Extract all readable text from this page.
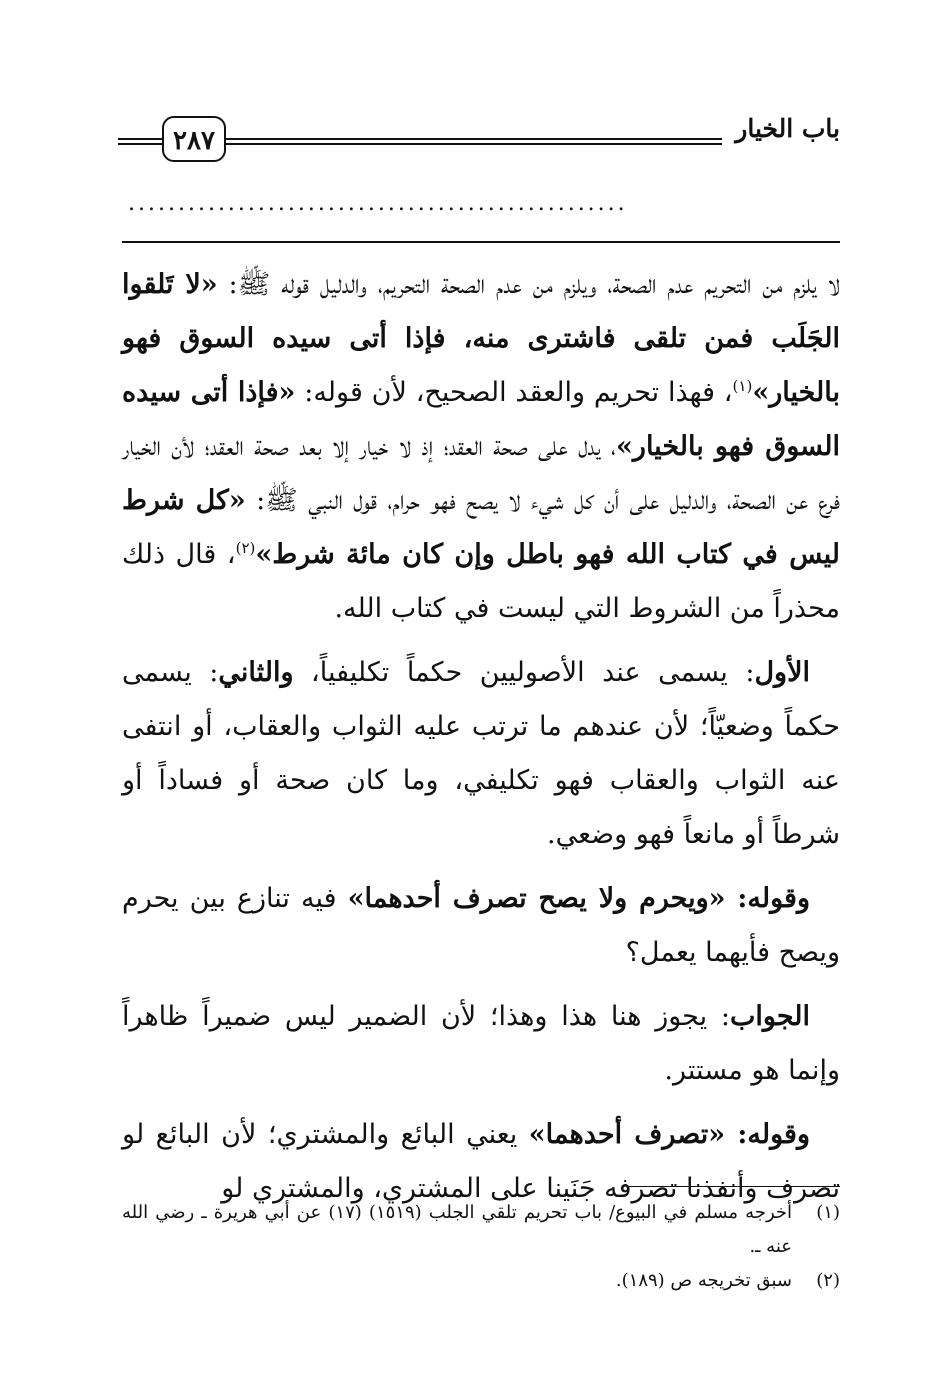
باب الخيار
٢٨٧
..................................................

لا يلزم من التحريم عدم الصحة، ويلزم من عدم الصحة التحريم، والدليل قوله ﷺ: «لا تَلقوا الجَلَب فمن تلقى فاشترى منه، فإذا أتى سيده السوق فهو بالخيار»$^{(١)}$، فهذا تحريم والعقد الصحيح، لأن قوله: «فإذا أتى سيده السوق فهو بالخيار»، يدل على صحة العقد؛ إذ لا خيار إلا بعد صحة العقد؛ لأن الخيار فرع عن الصحة، والدليل على أن كل شيء لا يصح فهو حرام، قول النبي ﷺ: «كل شرط ليس في كتاب الله فهو باطل وإن كان مائة شرط»$^{(٢)}$، قال ذلك محذراً من الشروط التي ليست في كتاب الله.

الأول: يسمى عند الأصوليين حكماً تكليفياً، والثاني: يسمى حكماً وضعيّاً؛ لأن عندهم ما ترتب عليه الثواب والعقاب، أو انتفى عنه الثواب والعقاب فهو تكليفي، وما كان صحة أو فساداً أو شرطاً أو مانعاً فهو وضعي.

وقوله: «ويحرم ولا يصح تصرف أحدهما» فيه تنازع بين يحرم ويصح فأيهما يعمل؟

الجواب: يجوز هنا هذا وهذا؛ لأن الضمير ليس ضميراً ظاهراً وإنما هو مستتر.

وقوله: «تصرف أحدهما» يعني البائع والمشتري؛ لأن البائع لو تصرف وأنفذنا تصرفه جَنَينا على المشتري، والمشتري لو

(١)
أخرجه مسلم في البيوع/ باب تحريم تلقي الجلب (١٥١٩) (١٧) عن أبي هريرة ـ رضي الله عنه ـ.
(٢)
سبق تخريجه ص (١٨٩).
